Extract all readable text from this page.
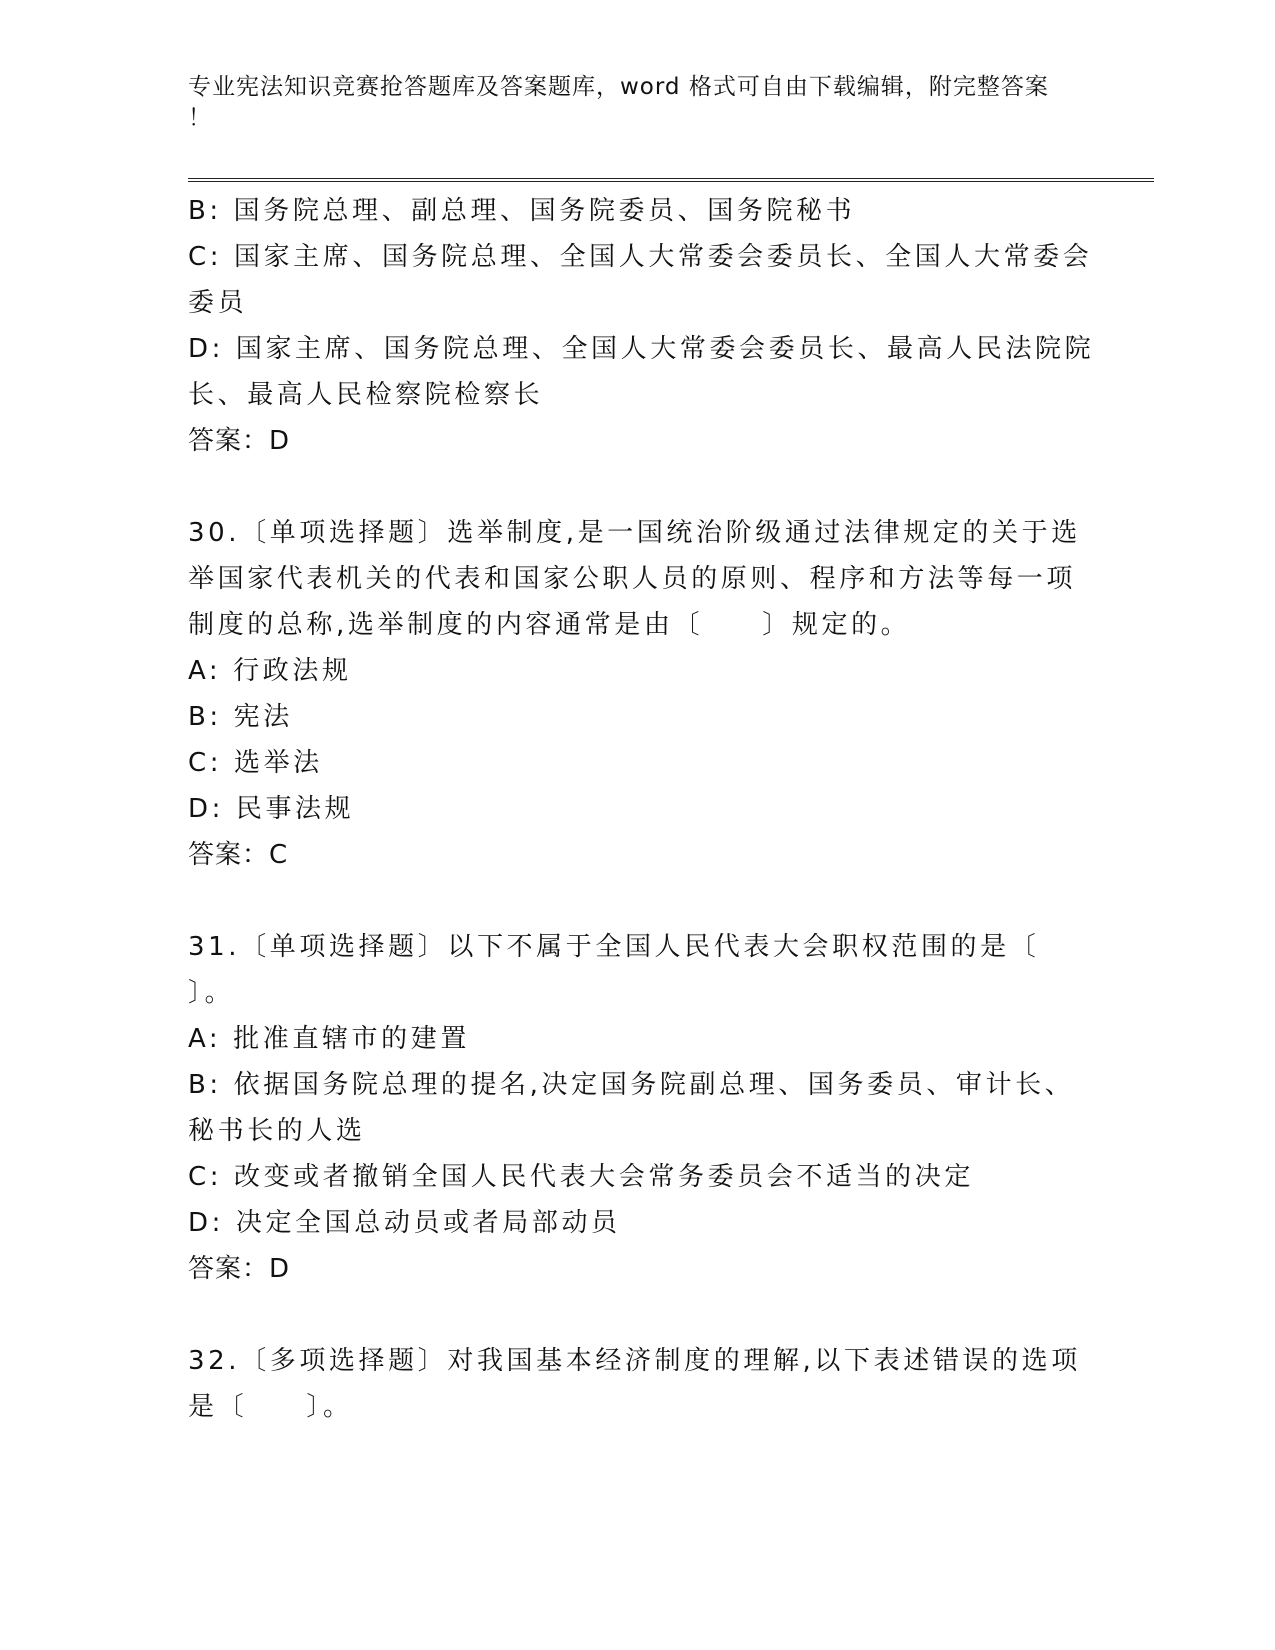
专业宪法知识竞赛抢答题库及答案题库，word 格式可自由下载编辑，附完整答案
！
B: 国务院总理、副总理、国务院委员、国务院秘书
C: 国家主席、国务院总理、全国人大常委会委员长、全国人大常委会
委员
D: 国家主席、国务院总理、全国人大常委会委员长、最高人民法院院
长、最高人民检察院检察长
答案：D
30.〔单项选择题〕选举制度,是一国统治阶级通过法律规定的关于选
举国家代表机关的代表和国家公职人员的原则、程序和方法等每一项
制度的总称,选举制度的内容通常是由〔　　〕规定的。
A: 行政法规
B: 宪法
C: 选举法
D: 民事法规
答案：C
31.〔单项选择题〕以下不属于全国人民代表大会职权范围的是〔
〕。
A: 批准直辖市的建置
B: 依据国务院总理的提名,决定国务院副总理、国务委员、审计长、
秘书长的人选
C: 改变或者撤销全国人民代表大会常务委员会不适当的决定
D: 决定全国总动员或者局部动员
答案：D
32.〔多项选择题〕对我国基本经济制度的理解,以下表述错误的选项
是〔　　〕。
